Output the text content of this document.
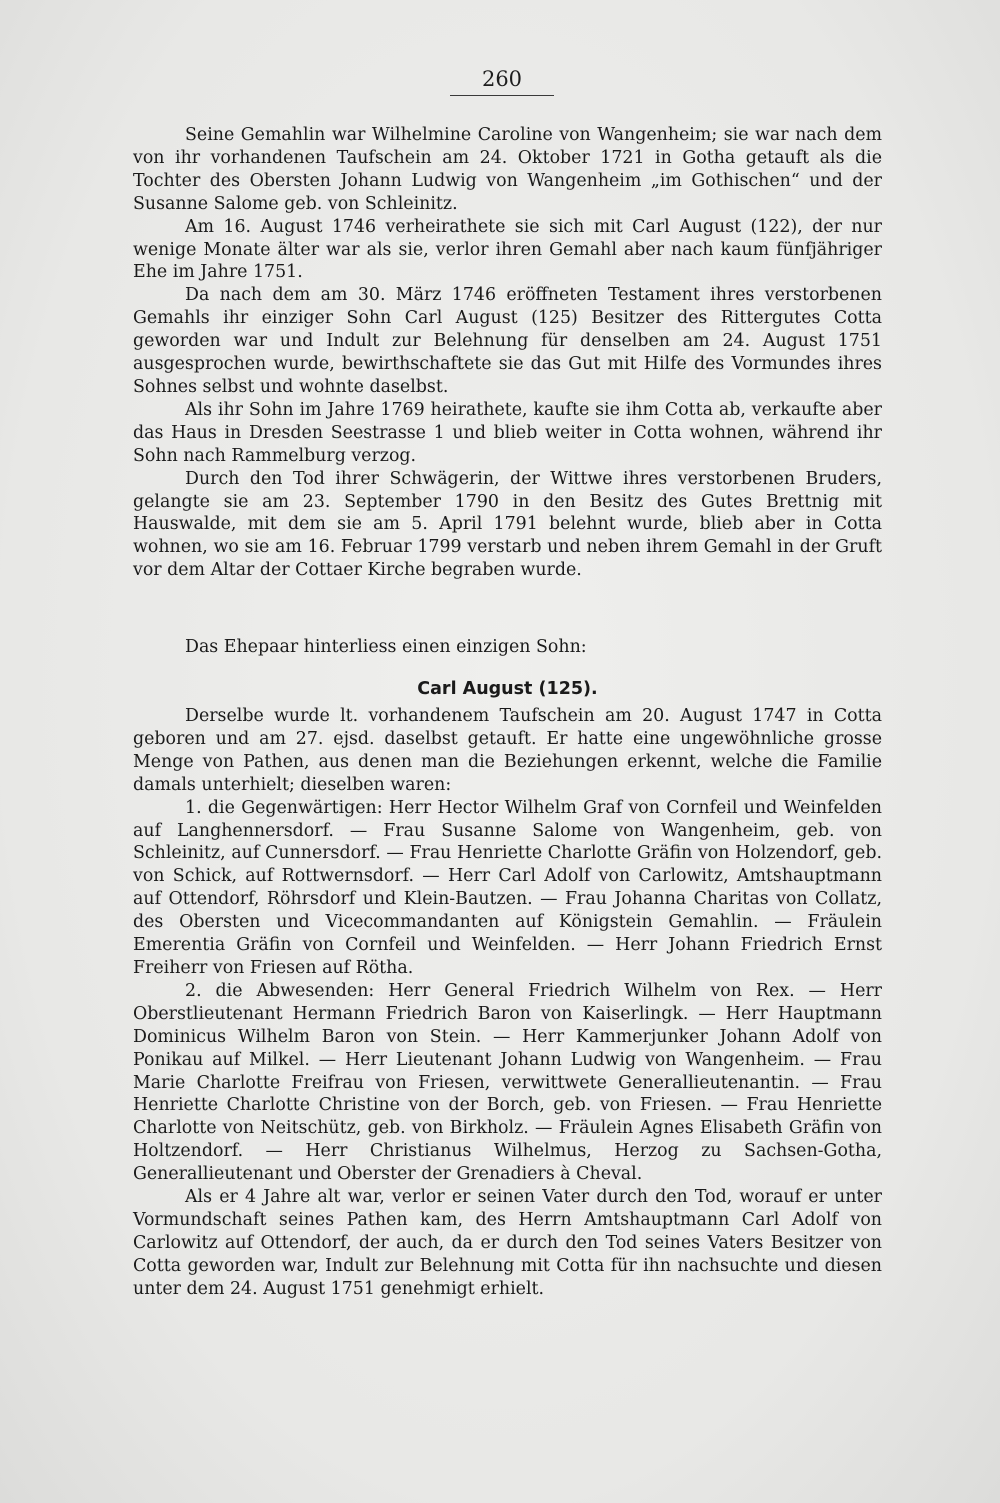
260

Seine Gemahlin war Wilhelmine Caroline von Wangenheim; sie war nach dem von ihr vorhandenen Taufschein am 24. Oktober 1721 in Gotha getauft als die Tochter des Obersten Johann Ludwig von Wangenheim „im Gothischen“ und der Susanne Salome geb. von Schleinitz.

Am 16. August 1746 verheirathete sie sich mit Carl August (122), der nur wenige Monate älter war als sie, verlor ihren Gemahl aber nach kaum fünfjähriger Ehe im Jahre 1751.

Da nach dem am 30. März 1746 eröffneten Testament ihres verstorbenen Gemahls ihr einziger Sohn Carl August (125) Besitzer des Rittergutes Cotta geworden war und Indult zur Belehnung für denselben am 24. August 1751 ausgesprochen wurde, bewirthschaftete sie das Gut mit Hilfe des Vormundes ihres Sohnes selbst und wohnte daselbst.

Als ihr Sohn im Jahre 1769 heirathete, kaufte sie ihm Cotta ab, verkaufte aber das Haus in Dresden Seestrasse 1 und blieb weiter in Cotta wohnen, während ihr Sohn nach Rammelburg verzog.

Durch den Tod ihrer Schwägerin, der Wittwe ihres verstorbenen Bruders, gelangte sie am 23. September 1790 in den Besitz des Gutes Brettnig mit Hauswalde, mit dem sie am 5. April 1791 belehnt wurde, blieb aber in Cotta wohnen, wo sie am 16. Februar 1799 verstarb und neben ihrem Gemahl in der Gruft vor dem Altar der Cottaer Kirche begraben wurde.

Das Ehepaar hinterliess einen einzigen Sohn:
Carl August (125).

Derselbe wurde lt. vorhandenem Taufschein am 20. August 1747 in Cotta geboren und am 27. ejsd. daselbst getauft. Er hatte eine ungewöhnliche grosse Menge von Pathen, aus denen man die Beziehungen erkennt, welche die Familie damals unterhielt; dieselben waren:

1. die Gegenwärtigen: Herr Hector Wilhelm Graf von Cornfeil und Weinfelden auf Langhennersdorf. — Frau Susanne Salome von Wangenheim, geb. von Schleinitz, auf Cunnersdorf. — Frau Henriette Charlotte Gräfin von Holzendorf, geb. von Schick, auf Rottwernsdorf. — Herr Carl Adolf von Carlowitz, Amtshauptmann auf Ottendorf, Röhrsdorf und Klein-Bautzen. — Frau Johanna Charitas von Collatz, des Obersten und Vicecommandanten auf Königstein Gemahlin. — Fräulein Emerentia Gräfin von Cornfeil und Weinfelden. — Herr Johann Friedrich Ernst Freiherr von Friesen auf Rötha.

2. die Abwesenden: Herr General Friedrich Wilhelm von Rex. — Herr Oberstlieutenant Hermann Friedrich Baron von Kaiserlingk. — Herr Hauptmann Dominicus Wilhelm Baron von Stein. — Herr Kammerjunker Johann Adolf von Ponikau auf Milkel. — Herr Lieutenant Johann Ludwig von Wangenheim. — Frau Marie Charlotte Freifrau von Friesen, verwittwete Generallieutenantin. — Frau Henriette Charlotte Christine von der Borch, geb. von Friesen. — Frau Henriette Charlotte von Neitschütz, geb. von Birkholz. — Fräulein Agnes Elisabeth Gräfin von Holtzendorf. — Herr Christianus Wilhelmus, Herzog zu Sachsen-Gotha, Generallieutenant und Oberster der Grenadiers à Cheval.

Als er 4 Jahre alt war, verlor er seinen Vater durch den Tod, worauf er unter Vormundschaft seines Pathen kam, des Herrn Amtshauptmann Carl Adolf von Carlowitz auf Ottendorf, der auch, da er durch den Tod seines Vaters Besitzer von Cotta geworden war, Indult zur Belehnung mit Cotta für ihn nachsuchte und diesen unter dem 24. August 1751 genehmigt erhielt.
